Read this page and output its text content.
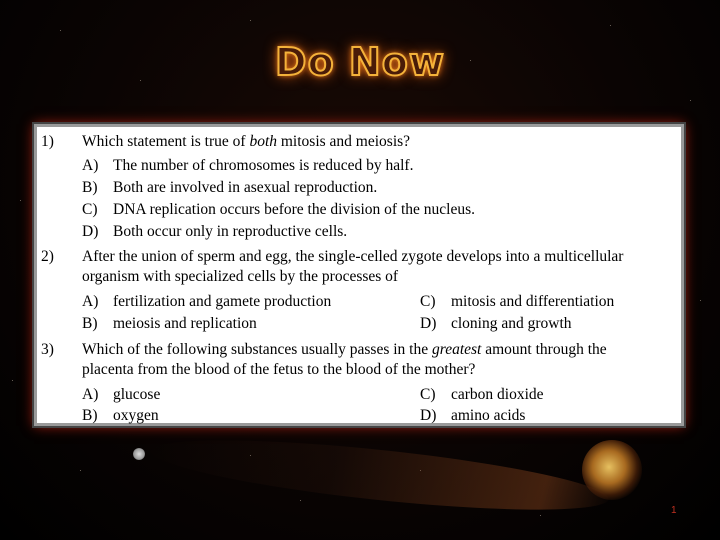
Do Now
1)	Which statement is true of both mitosis and meiosis?
A) The number of chromosomes is reduced by half.
B) Both are involved in asexual reproduction.
C) DNA replication occurs before the division of the nucleus.
D) Both occur only in reproductive cells.
2)	After the union of sperm and egg, the single-celled zygote develops into a multicellular
organism with specialized cells by the processes of
A) fertilization and gamete production
B) meiosis and replication
C) mitosis and differentiation
D) cloning and growth
3)	Which of the following substances usually passes in the greatest amount through the
placenta from the blood of the fetus to the blood of the mother?
A) glucose
B) oxygen
C) carbon dioxide
D) amino acids
1
